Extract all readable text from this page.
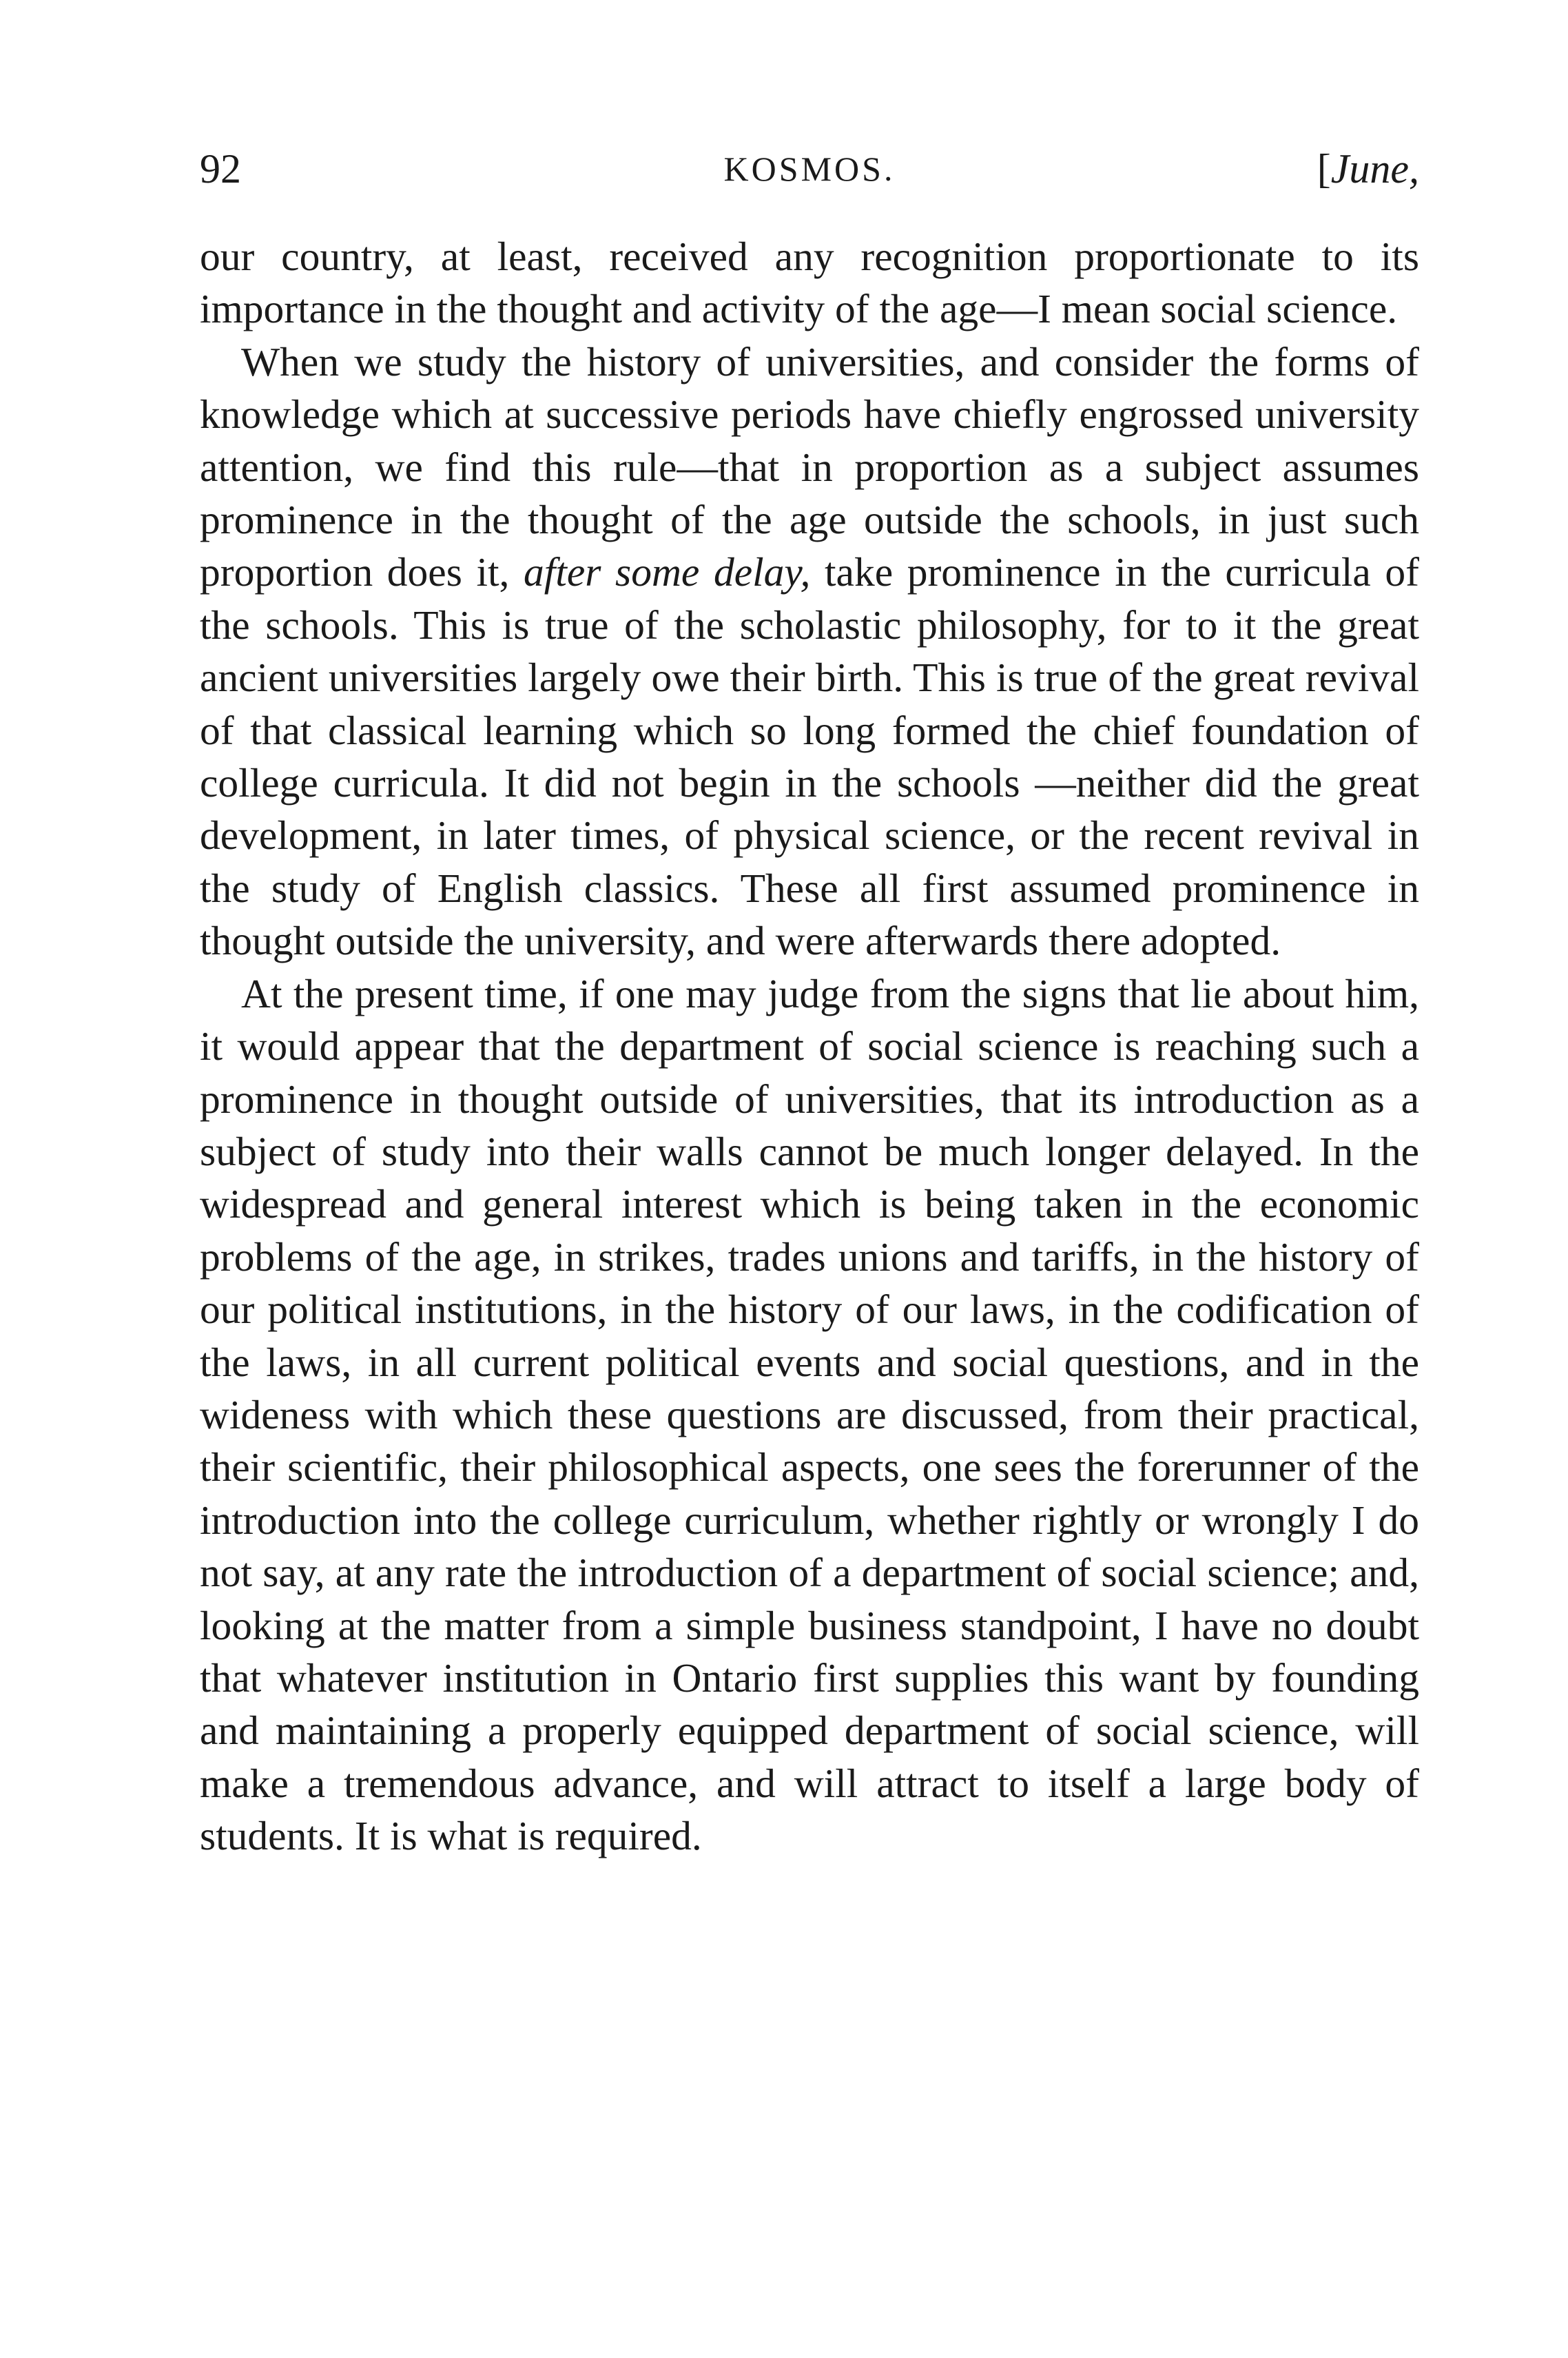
92	KOSMOS.	[June,

our country, at least, received any recognition proportionate to its importance in the thought and activity of the age—I mean social science.

When we study the history of universities, and consider the forms of knowledge which at successive periods have chiefly engrossed university attention, we find this rule—that in proportion as a subject assumes prominence in the thought of the age outside the schools, in just such proportion does it, after some delay, take prominence in the curricula of the schools. This is true of the scholastic philosophy, for to it the great ancient universities largely owe their birth. This is true of the great revival of that classical learning which so long formed the chief foundation of college curricula. It did not begin in the schools —neither did the great development, in later times, of physical science, or the recent revival in the study of English classics. These all first assumed prominence in thought outside the university, and were afterwards there adopted.

At the present time, if one may judge from the signs that lie about him, it would appear that the department of social science is reaching such a prominence in thought outside of universities, that its introduction as a subject of study into their walls cannot be much longer delayed. In the widespread and general interest which is being taken in the economic problems of the age, in strikes, trades unions and tariffs, in the history of our political institutions, in the history of our laws, in the codification of the laws, in all current political events and social questions, and in the wideness with which these questions are discussed, from their practical, their scientific, their philosophical aspects, one sees the forerunner of the introduction into the college curriculum, whether rightly or wrongly I do not say, at any rate the introduction of a department of social science; and, looking at the matter from a simple business standpoint, I have no doubt that whatever institution in Ontario first supplies this want by founding and maintaining a properly equipped department of social science, will make a tremendous advance, and will attract to itself a large body of students. It is what is required.
